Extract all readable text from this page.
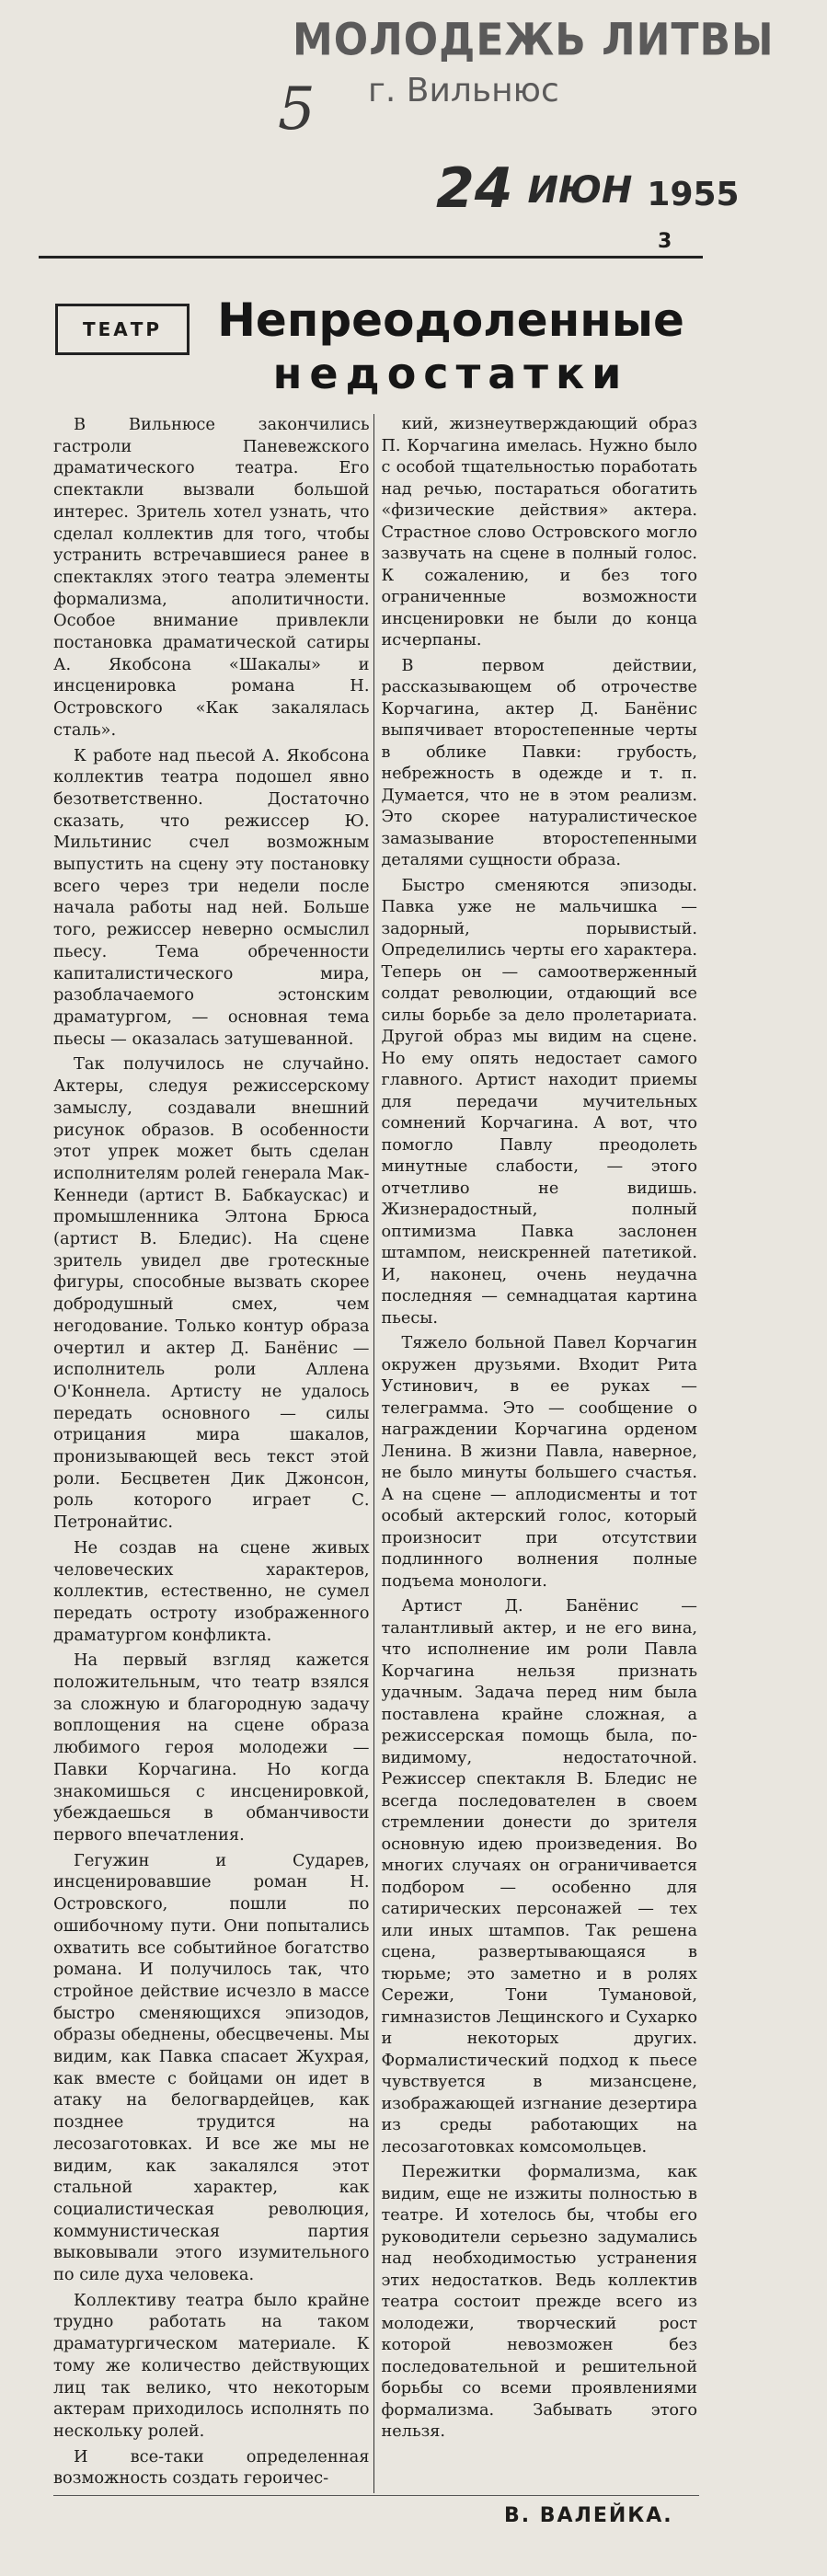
МОЛОДЕЖЬ ЛИТВЫ
г. Вильнюс
5
24 ИЮН 1955
3
ТЕАТР	Непреодоленные
недостатки

В Вильнюсе закончились гастроли Паневежского драматического театра. Его спектакли вызвали большой интерес. Зритель хотел узнать, что сделал коллектив для того, чтобы устранить встречавшиеся ранее в спектаклях этого театра элементы формализма, аполитичности. Особое внимание привлекли постановка драматической сатиры А. Якобсона «Шакалы» и инсценировка романа Н. Островского «Как закалялась сталь».

К работе над пьесой А. Якобсона коллектив театра подошел явно безответственно. Достаточно сказать, что режиссер Ю. Мильтинис счел возможным выпустить на сцену эту постановку всего через три недели после начала работы над ней. Больше того, режиссер неверно осмыслил пьесу. Тема обреченности капиталистического мира, разоблачаемого эстонским драматургом, — основная тема пьесы — оказалась затушеванной.

Так получилось не случайно. Актеры, следуя режиссерскому замыслу, создавали внешний рисунок образов. В особенности этот упрек может быть сделан исполнителям ролей генерала Мак-Кеннеди (артист В. Бабкаускас) и промышленника Элтона Брюса (артист В. Бледис). На сцене зритель увидел две гротескные фигуры, способные вызвать скорее добродушный смех, чем негодование. Только контур образа очертил и актер Д. Банёнис — исполнитель роли Аллена О'Коннела. Артисту не удалось передать основного — силы отрицания мира шакалов, пронизывающей весь текст этой роли. Бесцветен Дик Джонсон, роль которого играет С. Петронайтис.

Не создав на сцене живых человеческих характеров, коллектив, естественно, не сумел передать остроту изображенного драматургом конфликта.

На первый взгляд кажется положительным, что театр взялся за сложную и благородную задачу воплощения на сцене образа любимого героя молодежи — Павки Корчагина. Но когда знакомишься с инсценировкой, убеждаешься в обманчивости первого впечатления.

Гегужин и Сударев, инсценировавшие роман Н. Островского, пошли по ошибочному пути. Они попытались охватить все событийное богатство романа. И получилось так, что стройное действие исчезло в массе быстро сменяющихся эпизодов, образы обеднены, обесцвечены. Мы видим, как Павка спасает Жухрая, как вместе с бойцами он идет в атаку на белогвардейцев, как позднее трудится на лесозаготовках. И все же мы не видим, как закалялся этот стальной характер, как социалистическая революция, коммунистическая партия выковывали этого изумительного по силе духа человека.

Коллективу театра было крайне трудно работать на таком драматургическом материале. К тому же количество действующих лиц так велико, что некоторым актерам приходилось исполнять по нескольку ролей.

И все-таки определенная возможность создать героичес-

кий, жизнеутверждающий образ П. Корчагина имелась. Нужно было с особой тщательностью поработать над речью, постараться обогатить «физические действия» актера. Страстное слово Островского могло зазвучать на сцене в полный голос. К сожалению, и без того ограниченные возможности инсценировки не были до конца исчерпаны.

В первом действии, рассказывающем об отрочестве Корчагина, актер Д. Банёнис выпячивает второстепенные черты в облике Павки: грубость, небрежность в одежде и т. п. Думается, что не в этом реализм. Это скорее натуралистическое замазывание второстепенными деталями сущности образа.

Быстро сменяются эпизоды. Павка уже не мальчишка — задорный, порывистый. Определились черты его характера. Теперь он — самоотверженный солдат революции, отдающий все силы борьбе за дело пролетариата. Другой образ мы видим на сцене. Но ему опять недостает самого главного. Артист находит приемы для передачи мучительных сомнений Корчагина. А вот, что помогло Павлу преодолеть минутные слабости, — этого отчетливо не видишь. Жизнерадостный, полный оптимизма Павка заслонен штампом, неискренней патетикой. И, наконец, очень неудачна последняя — семнадцатая картина пьесы.

Тяжело больной Павел Корчагин окружен друзьями. Входит Рита Устинович, в ее руках — телеграмма. Это — сообщение о награждении Корчагина орденом Ленина. В жизни Павла, наверное, не было минуты большего счастья. А на сцене — аплодисменты и тот особый актерский голос, который произносит при отсутствии подлинного волнения полные подъема монологи.

Артист Д. Банёнис — талантливый актер, и не его вина, что исполнение им роли Павла Корчагина нельзя признать удачным. Задача перед ним была поставлена крайне сложная, а режиссерская помощь была, по-видимому, недостаточной. Режиссер спектакля В. Бледис не всегда последователен в своем стремлении донести до зрителя основную идею произведения. Во многих случаях он ограничивается подбором — особенно для сатирических персонажей — тех или иных штампов. Так решена сцена, развертывающаяся в тюрьме; это заметно и в ролях Сережи, Тони Тумановой, гимназистов Лещинского и Сухарко и некоторых других. Формалистический подход к пьесе чувствуется в мизансцене, изображающей изгнание дезертира из среды работающих на лесозаготовках комсомольцев.

Пережитки формализма, как видим, еще не изжиты полностью в театре. И хотелось бы, чтобы его руководители серьезно задумались над необходимостью устранения этих недостатков. Ведь коллектив театра состоит прежде всего из молодежи, творческий рост которой невозможен без последовательной и решительной борьбы со всеми проявлениями формализма. Забывать этого нельзя.

В. ВАЛЕЙКА.
